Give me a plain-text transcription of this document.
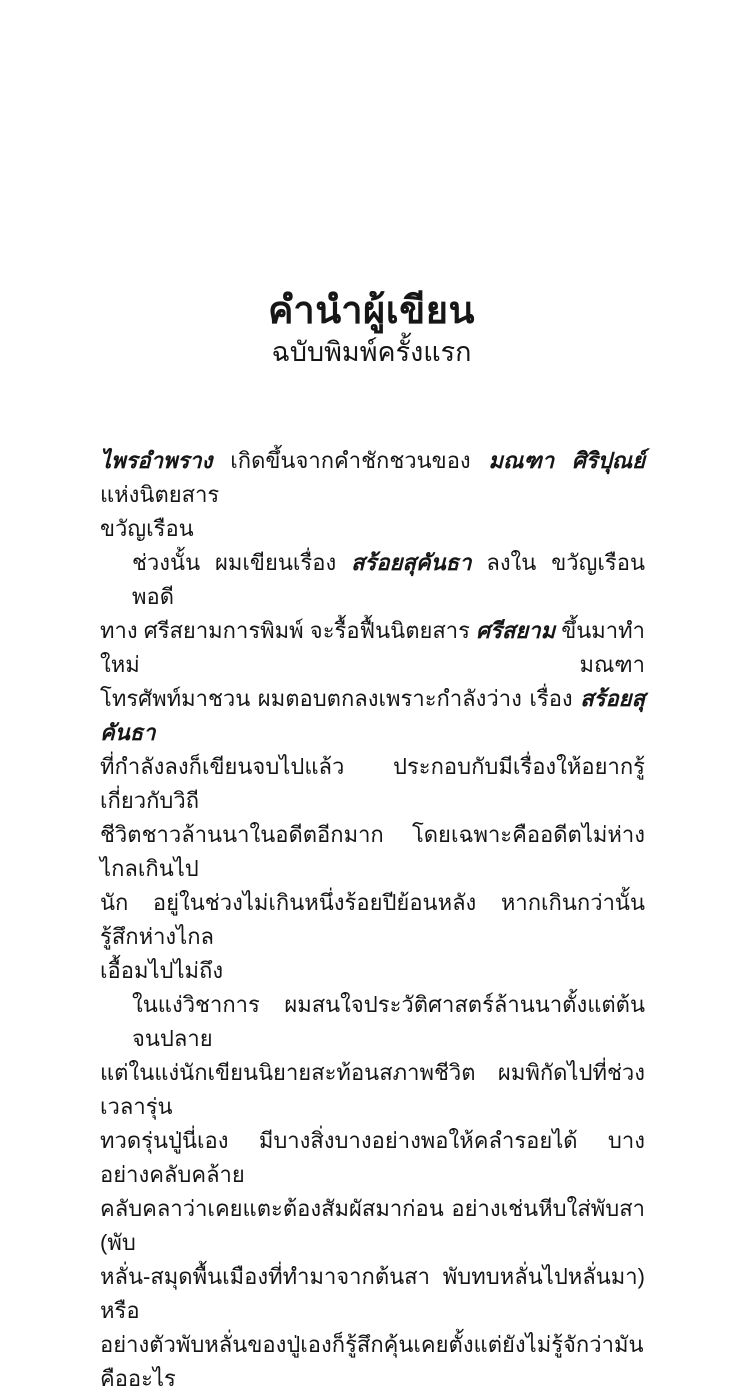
คำนำผู้เขียน
ฉบับพิมพ์ครั้งแรก
ไพรอำพราง เกิดขึ้นจากคำชักชวนของ มณฑา ศิริปุณย์ แห่งนิตยสาร
ขวัญเรือน
ช่วงนั้น ผมเขียนเรื่อง สร้อยสุคันธา ลงใน ขวัญเรือน พอดี
ทาง ศรีสยามการพิมพ์ จะรื้อฟื้นนิตยสาร ศรีสยาม ขึ้นมาทำใหม่ มณฑา
โทรศัพท์มาชวน ผมตอบตกลงเพราะกำลังว่าง เรื่อง สร้อยสุคันธา
ที่กำลังลงก็เขียนจบไปแล้ว ประกอบกับมีเรื่องให้อยากรู้เกี่ยวกับวิถี
ชีวิตชาวล้านนาในอดีตอีกมาก โดยเฉพาะคืออดีตไม่ห่างไกลเกินไป
นัก อยู่ในช่วงไม่เกินหนึ่งร้อยปีย้อนหลัง หากเกินกว่านั้นรู้สึกห่างไกล
เอื้อมไปไม่ถึง
ในแง่วิชาการ ผมสนใจประวัติศาสตร์ล้านนาตั้งแต่ต้นจนปลาย
แต่ในแง่นักเขียนนิยายสะท้อนสภาพชีวิต ผมพิกัดไปที่ช่วงเวลารุ่น
ทวดรุ่นปู่นี่เอง มีบางสิ่งบางอย่างพอให้คลำรอยได้ บางอย่างคลับคล้าย
คลับคลาว่าเคยแตะต้องสัมผัสมาก่อน อย่างเช่นหีบใส่พับสา (พับ
หลั่น-สมุดพื้นเมืองที่ทำมาจากต้นสา พับทบหลั่นไปหลั่นมา) หรือ
อย่างตัวพับหลั่นของปู่เองก็รู้สึกคุ้นเคยตั้งแต่ยังไม่รู้จักว่ามันคืออะไร
